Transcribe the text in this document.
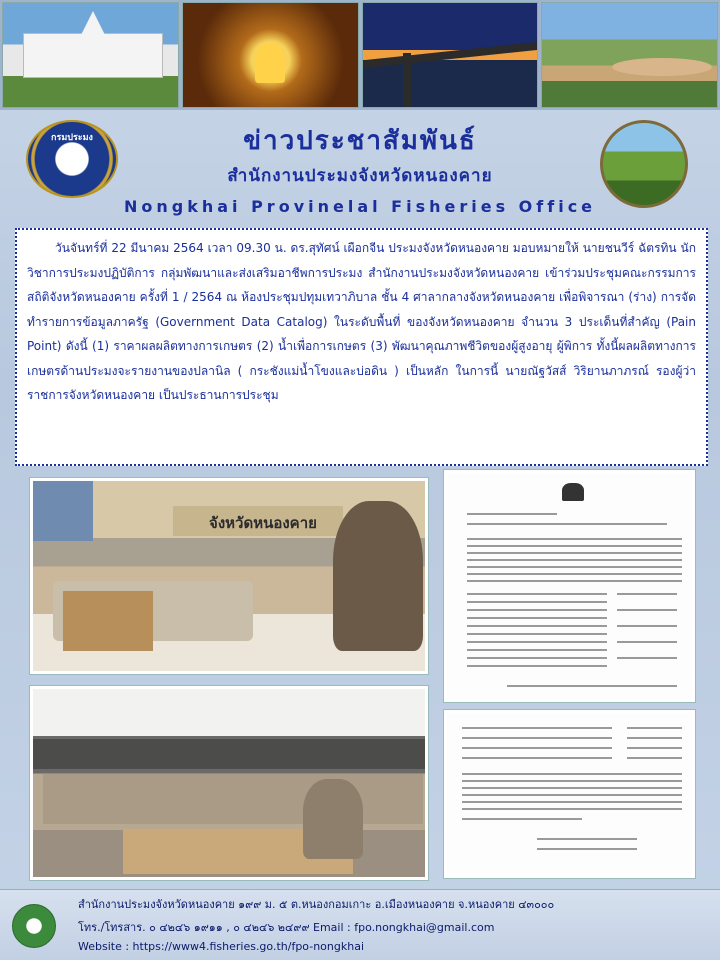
กรมประมง	ข่าวประชาสัมพันธ์
สำนักงานประมงจังหวัดหนองคาย
Nongkhai Provinelal Fisheries Office

วันจันทร์ที่ 22 มีนาคม 2564 เวลา 09.30 น. ดร.สุทัศน์ เผือกจีน ประมงจังหวัดหนองคาย มอบหมายให้ นายชนวีร์ ฉัตรทิน นักวิชาการประมงปฏิบัติการ กลุ่มพัฒนาและส่งเสริมอาชีพการประมง สำนักงานประมงจังหวัดหนองคาย เข้าร่วมประชุมคณะกรรมการสถิติจังหวัดหนองคาย ครั้งที่ 1 / 2564 ณ ห้องประชุมปทุมเทวาภิบาล ชั้น 4 ศาลากลางจังหวัดหนองคาย เพื่อพิจารณา (ร่าง) การจัดทำรายการข้อมูลภาครัฐ (Government Data Catalog) ในระดับพื้นที่ ของจังหวัดหนองคาย จำนวน 3 ประเด็นที่สำคัญ (Pain Point) ดังนี้ (1) ราคาผลผลิตทางการเกษตร (2) น้ำเพื่อการเกษตร (3) พัฒนาคุณภาพชีวิตของผู้สูงอายุ ผู้พิการ ทั้งนี้ผลผลิตทางการเกษตรด้านประมงจะรายงานของปลานิล ( กระชังแม่น้ำโขงและบ่อดิน ) เป็นหลัก ในการนี้ นายณัฐวัสส์ วิริยานภาภรณ์ รองผู้ว่าราชการจังหวัดหนองคาย เป็นประธานการประชุม

จังหวัดหนองคาย
สำนักงานประมงจังหวัดหนองคาย ๑๙๙ ม. ๕ ต.หนองกอมเกาะ อ.เมืองหนองคาย จ.หนองคาย ๔๓๐๐๐
โทร./โทรสาร. ๐ ๔๒๔๖ ๑๙๑๑ , ๐ ๔๒๔๖ ๒๔๙๙ Email : fpo.nongkhai@gmail.com
Website : https://www4.fisheries.go.th/fpo-nongkhai
